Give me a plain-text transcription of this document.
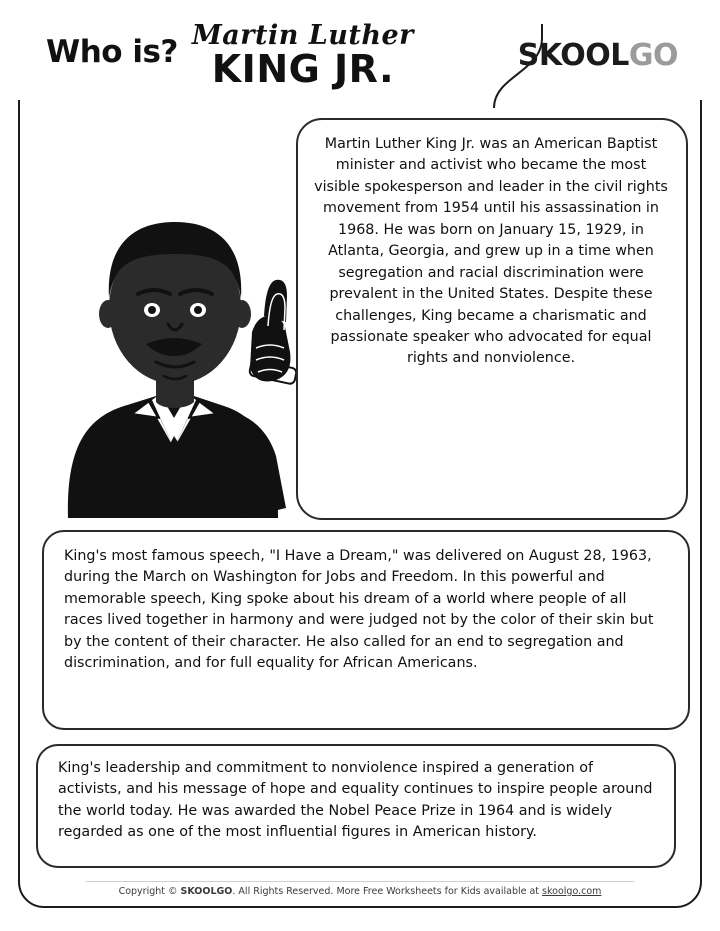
Who is? Martin Luther
KING JR.	SKOOLGO
Martin Luther King Jr. was an American Baptist minister and activist who became the most visible spokesperson and leader in the civil rights movement from 1954 until his assassination in 1968. He was born on January 15, 1929, in Atlanta, Georgia, and grew up in a time when segregation and racial discrimination were prevalent in the United States. Despite these challenges, King became a charismatic and passionate speaker who advocated for equal rights and nonviolence.
King's most famous speech, "I Have a Dream," was delivered on August 28, 1963, during the March on Washington for Jobs and Freedom. In this powerful and memorable speech, King spoke about his dream of a world where people of all races lived together in harmony and were judged not by the color of their skin but by the content of their character. He also called for an end to segregation and discrimination, and for full equality for African Americans.
King's leadership and commitment to nonviolence inspired a generation of activists, and his message of hope and equality continues to inspire people around the world today. He was awarded the Nobel Peace Prize in 1964 and is widely regarded as one of the most influential figures in American history.
Copyright © SKOOLGO. All Rights Reserved. More Free Worksheets for Kids available at skoolgo.com
